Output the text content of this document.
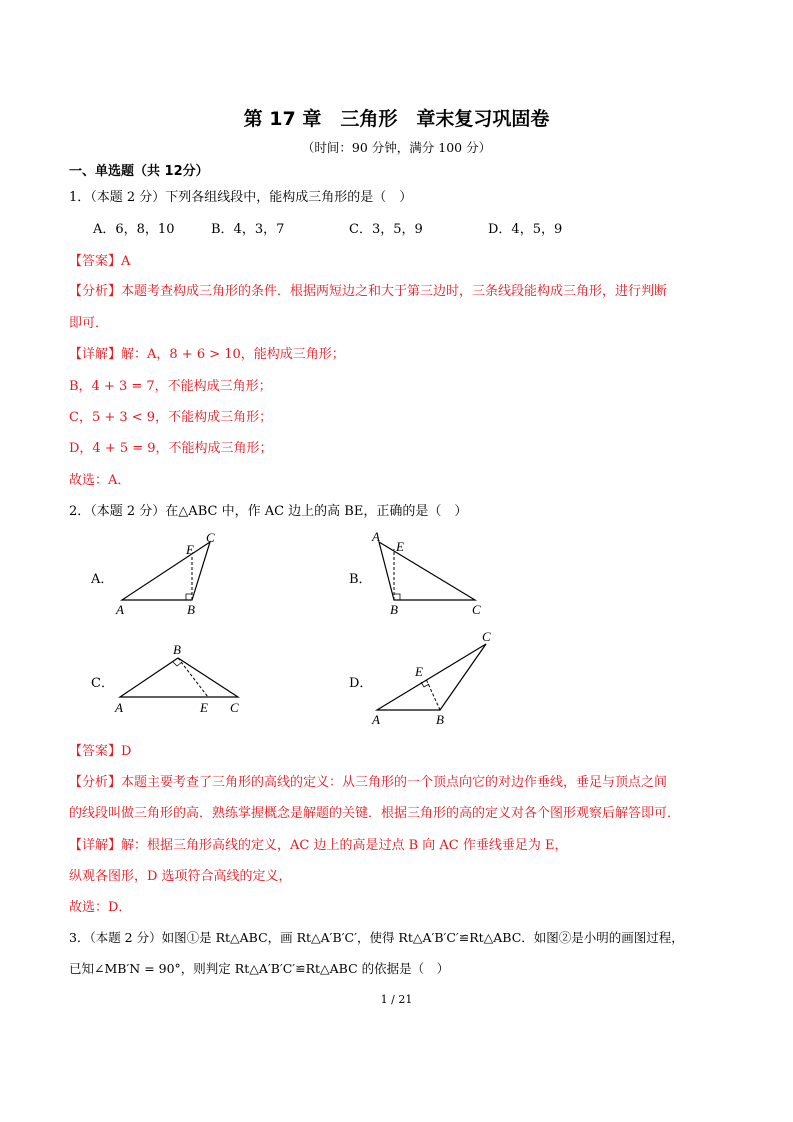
第 17 章　三角形　章末复习巩固卷
（时间：90 分钟，满分 100 分）
一、单选题（共 12分）
1．（本题 2 分）下列各组线段中，能构成三角形的是（　）
A．6，8，10	B．4，3，7	C．3，5，9	D．4，5，9
【答案】A
【分析】本题考查构成三角形的条件．根据两短边之和大于第三边时，三条线段能构成三角形，进行判断
即可．
【详解】解：A，8 + 6 > 10，能构成三角形；
B，4 + 3 = 7，不能构成三角形；
C，5 + 3 < 9，不能构成三角形；
D，4 + 5 = 9，不能构成三角形；
故选：A．
2．（本题 2 分）在△ABC 中，作 AC 边上的高 BE，正确的是（　）
A．	B．
C．	D．
A	B
C
E
A
B	C
E
A
B
C
E
A	B
C
E
【答案】D
【分析】本题主要考查了三角形的高线的定义：从三角形的一个顶点向它的对边作垂线，垂足与顶点之间
的线段叫做三角形的高．熟练掌握概念是解题的关键．根据三角形的高的定义对各个图形观察后解答即可．
【详解】解：根据三角形高线的定义，AC 边上的高是过点 B 向 AC 作垂线垂足为 E，
纵观各图形，D 选项符合高线的定义，
故选：D．
3．（本题 2 分）如图①是 Rt△ABC，画 Rt△A′B′C′，使得 Rt△A′B′C′≌Rt△ABC．如图②是小明的画图过程，
已知∠MB′N = 90°，则判定 Rt△A′B′C′≌Rt△ABC 的依据是（　）
1 / 21
